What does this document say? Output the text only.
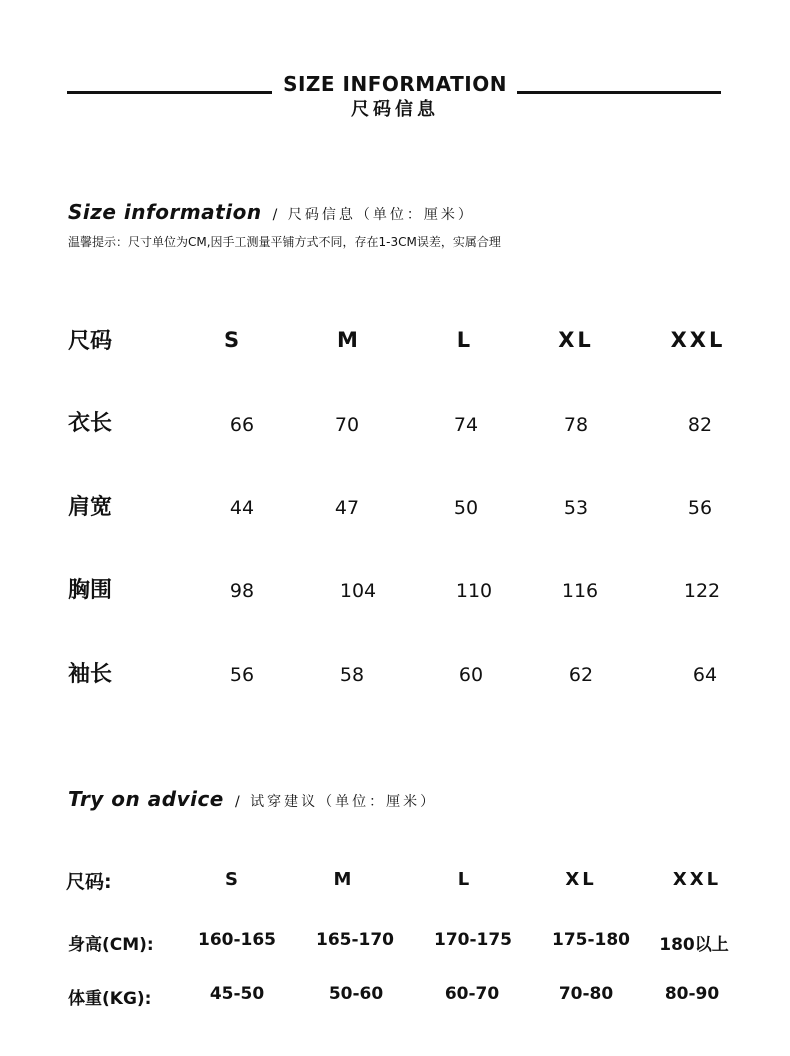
SIZE INFORMATION
尺码信息
Size information / 尺码信息（单位：厘米）
温馨提示：尺寸单位为CM,因手工测量平铺方式不同，存在1-3CM误差，实属合理
尺码	S	M	L	XL	XXL
衣长	66	70	74	78	82
肩宽	44	47	50	53	56
胸围	98	104	110	116	122
袖长	56	58	60	62	64
Try on advice / 试穿建议（单位：厘米）
尺码:	S	M	L	XL	XXL
身高(CM):	160-165	165-170	170-175	175-180	180以上
体重(KG):	45-50	50-60	60-70	70-80	80-90
